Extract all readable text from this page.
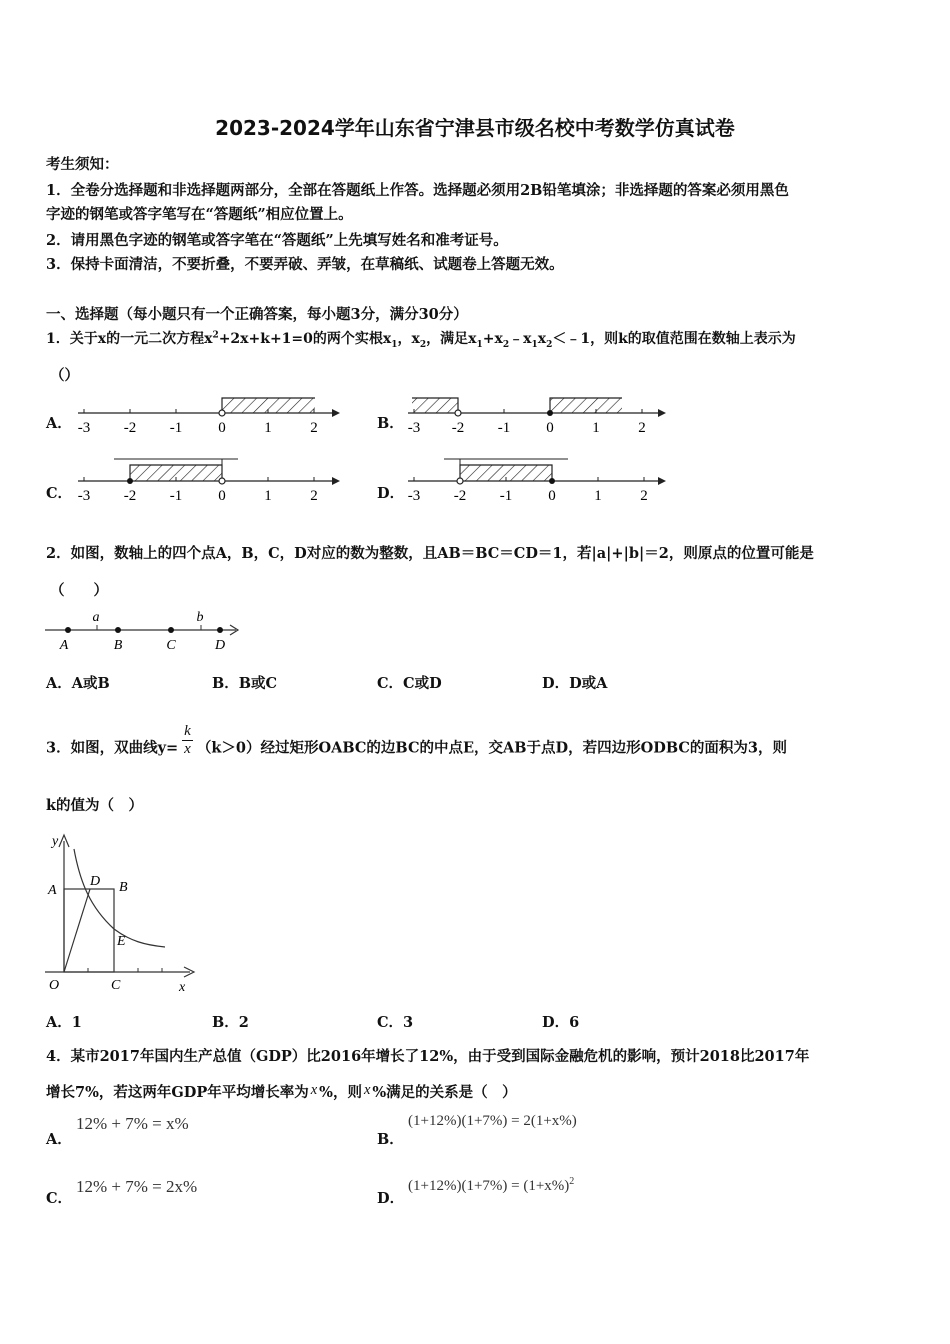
2023-2024学年山东省宁津县市级名校中考数学仿真试卷
考生须知：
1．全卷分选择题和非选择题两部分，全部在答题纸上作答。选择题必须用2B铅笔填涂；非选择题的答案必须用黑色
字迹的钢笔或答字笔写在“答题纸”相应位置上。
2．请用黑色字迹的钢笔或答字笔在“答题纸”上先填写姓名和准考证号。
3．保持卡面清洁，不要折叠，不要弄破、弄皱，在草稿纸、试题卷上答题无效。
一、选择题（每小题只有一个正确答案，每小题3分，满分30分）
1．关于x的一元二次方程$x^2+2x+k+1=0$的两个实根$x_1$，$x_2$，满足$x_1+x_2﹣x_1x_2<﹣1$，则k的取值范围在数轴上表示为
（）
A．	B．
C．	D．
-3 -2 -1 0	1	2	-3 -2 -1 0	1	2
-3 -2 -1 0	1	2	-3 -2 -1 0	1	2
2．如图，数轴上的四个点A，B，C，D对应的数为整数，且AB＝BC＝CD＝1，若|a|+|b|＝2，则原点的位置可能是
（　　）
a	b
A	B	C	D
A．A或B	B．B或C	C．C或D	D．D或A
3．如图，双曲线$y= \frac{k}{x} (k>0)$经过矩形OABC的边BC的中点E，交AB于点D，若四边形ODBC的面积为3，则
k的值为（　）
y
A
D B
E
O	C	x
A．1	B．2	C．3	D．6
4．某市2017年国内生产总值（GDP）比2016年增长了12%，由于受到国际金融危机的影响，预计2018比2017年
增长7%，若这两年GDP年平均增长率为 x %，则 x %满足的关系是（　）
A．
12% + 7% = x%
B．
(1+12%)(1+7%) = 2(1+x%)
C．
12% + 7% = 2x%
D．
$(1+12\%)(1+7\%) = (1+x\%)^2$
